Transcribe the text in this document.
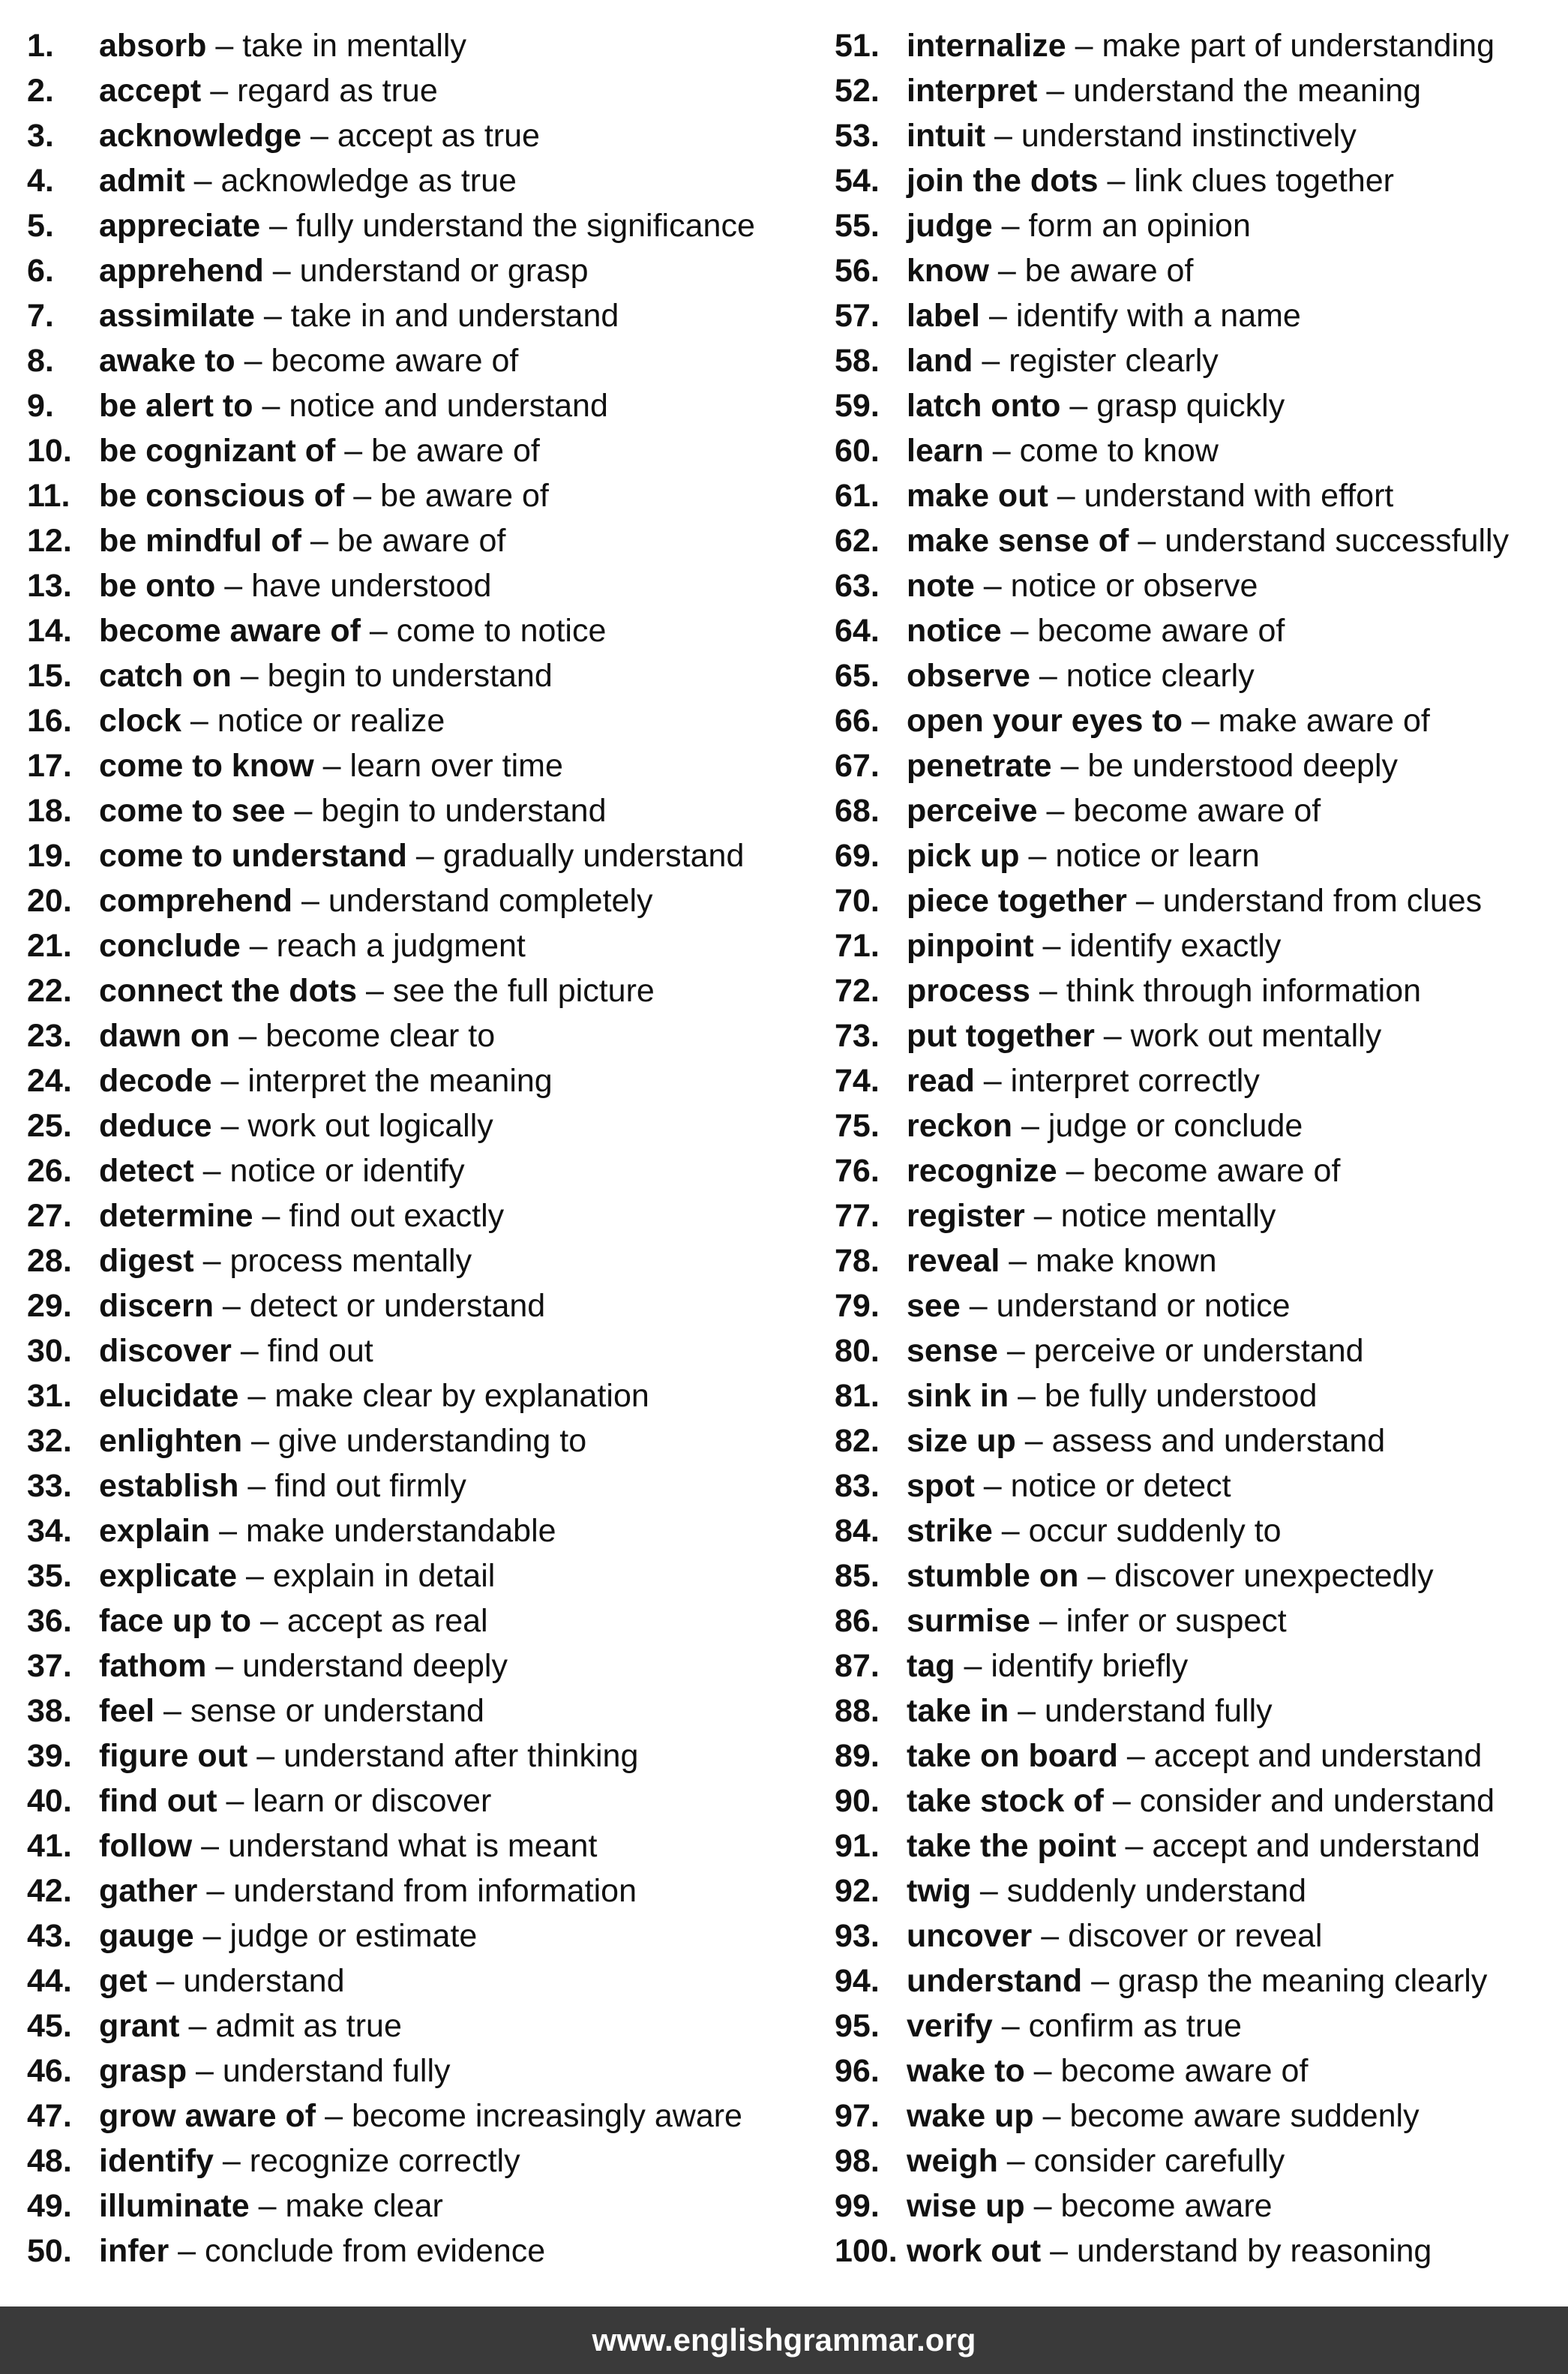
1.	absorb – take in mentally
2.	accept – regard as true
3.	acknowledge – accept as true
4.	admit – acknowledge as true
5.	appreciate – fully understand the significance
6.	apprehend – understand or grasp
7.	assimilate – take in and understand
8.	awake to – become aware of
9.	be alert to – notice and understand
10. be cognizant of – be aware of
11. be conscious of – be aware of
12. be mindful of – be aware of
13. be onto – have understood
14. become aware of – come to notice
15. catch on – begin to understand
16. clock – notice or realize
17. come to know – learn over time
18. come to see – begin to understand
19. come to understand – gradually understand
20. comprehend – understand completely
21. conclude – reach a judgment
22. connect the dots – see the full picture
23. dawn on – become clear to
24. decode – interpret the meaning
25. deduce – work out logically
26. detect – notice or identify
27. determine – find out exactly
28. digest – process mentally
29. discern – detect or understand
30. discover – find out
31. elucidate – make clear by explanation
32. enlighten – give understanding to
33. establish – find out firmly
34. explain – make understandable
35. explicate – explain in detail
36. face up to – accept as real
37. fathom – understand deeply
38. feel – sense or understand
39. figure out – understand after thinking
40. find out – learn or discover
41. follow – understand what is meant
42. gather – understand from information
43. gauge – judge or estimate
44. get – understand
45. grant – admit as true
46. grasp – understand fully
47. grow aware of – become increasingly aware
48. identify – recognize correctly
49. illuminate – make clear
50. infer – conclude from evidence
51. internalize – make part of understanding
52. interpret – understand the meaning
53. intuit – understand instinctively
54. join the dots – link clues together
55. judge – form an opinion
56. know – be aware of
57. label – identify with a name
58. land – register clearly
59. latch onto – grasp quickly
60. learn – come to know
61. make out – understand with effort
62. make sense of – understand successfully
63. note – notice or observe
64. notice – become aware of
65. observe – notice clearly
66. open your eyes to – make aware of
67. penetrate – be understood deeply
68. perceive – become aware of
69. pick up – notice or learn
70. piece together – understand from clues
71. pinpoint – identify exactly
72. process – think through information
73. put together – work out mentally
74. read – interpret correctly
75. reckon – judge or conclude
76. recognize – become aware of
77. register – notice mentally
78. reveal – make known
79. see – understand or notice
80. sense – perceive or understand
81. sink in – be fully understood
82. size up – assess and understand
83. spot – notice or detect
84. strike – occur suddenly to
85. stumble on – discover unexpectedly
86. surmise – infer or suspect
87. tag – identify briefly
88. take in – understand fully
89. take on board – accept and understand
90. take stock of – consider and understand
91. take the point – accept and understand
92. twig – suddenly understand
93. uncover – discover or reveal
94. understand – grasp the meaning clearly
95. verify – confirm as true
96. wake to – become aware of
97. wake up – become aware suddenly
98. weigh – consider carefully
99. wise up – become aware
100. work out – understand by reasoning
www.englishgrammar.org
